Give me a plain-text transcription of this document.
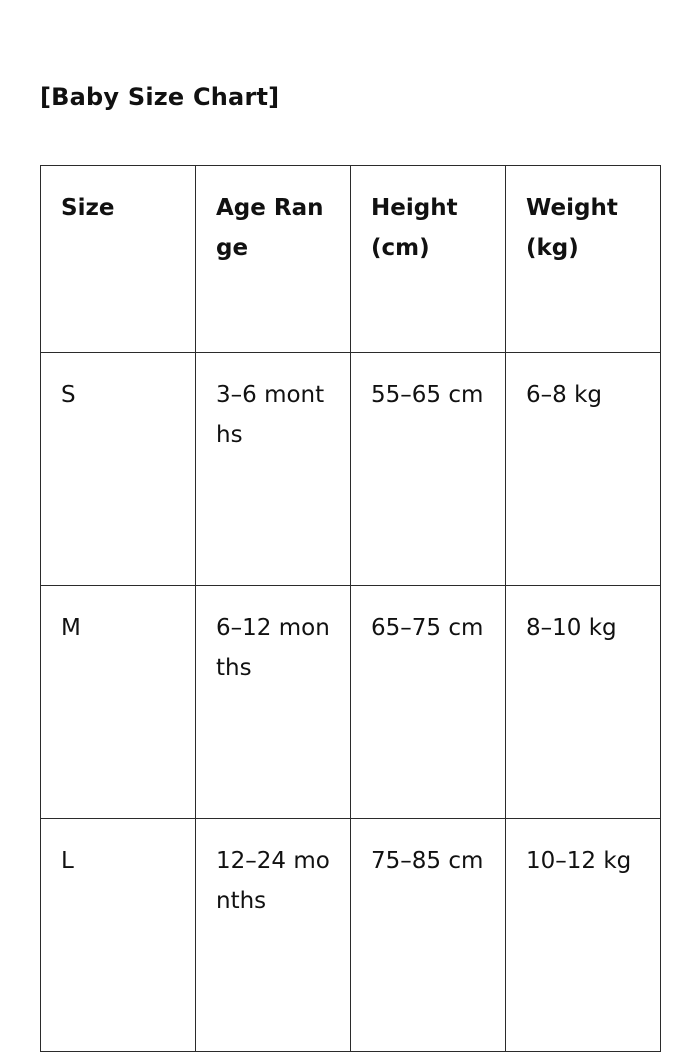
[Baby Size Chart]
Size	Age Range	Height (cm)	Weight (kg)
S	3–6 months	55–65 cm	6–8 kg
M	6–12 months	65–75 cm	8–10 kg
L	12–24 months	75–85 cm	10–12 kg
